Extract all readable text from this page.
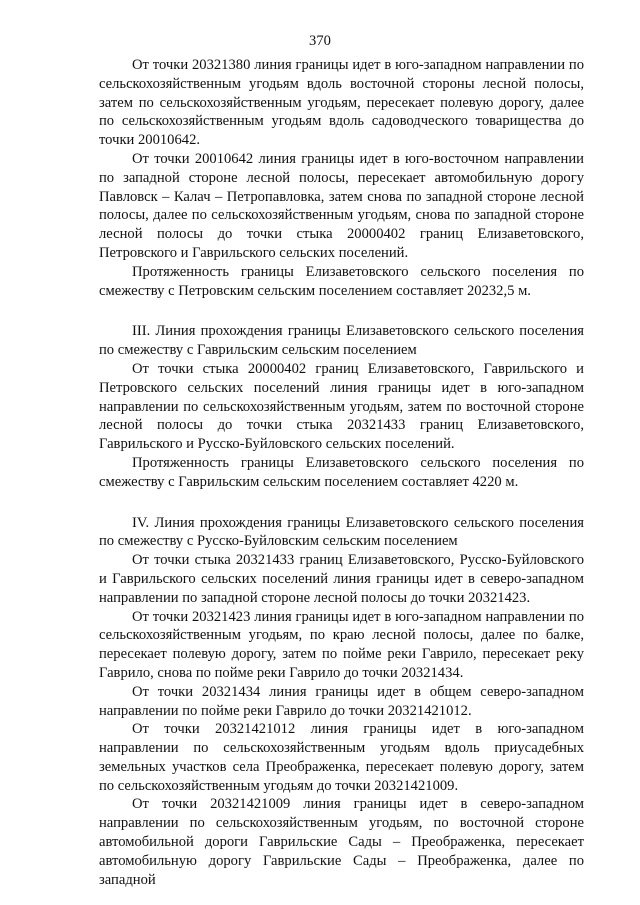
370

От точки 20321380 линия границы идет в юго-западном направлении по сельскохозяйственным угодьям вдоль восточной стороны лесной полосы, затем по сельскохозяйственным угодьям, пересекает полевую дорогу, далее по сельскохозяйственным угодьям вдоль садоводческого товарищества до точки 20010642.

От точки 20010642 линия границы идет в юго-восточном направлении по западной стороне лесной полосы, пересекает автомобильную дорогу Павловск – Калач – Петропавловка, затем снова по западной стороне лесной полосы, далее по сельскохозяйственным угодьям, снова по западной стороне лесной полосы до точки стыка 20000402 границ Елизаветовского, Петровского и Гаврильского сельских поселений.

Протяженность границы Елизаветовского сельского поселения по смежеству с Петровским сельским поселением составляет 20232,5 м.

III. Линия прохождения границы Елизаветовского сельского поселения по смежеству с Гаврильским сельским поселением

От точки стыка 20000402 границ Елизаветовского, Гаврильского и Петровского сельских поселений линия границы идет в юго-западном направлении по сельскохозяйственным угодьям, затем по восточной стороне лесной полосы до точки стыка 20321433 границ Елизаветовского, Гаврильского и Русско-Буйловского сельских поселений.

Протяженность границы Елизаветовского сельского поселения по смежеству с Гаврильским сельским поселением составляет 4220 м.

IV. Линия прохождения границы Елизаветовского сельского поселения по смежеству с Русско-Буйловским сельским поселением

От точки стыка 20321433 границ Елизаветовского, Русско-Буйловского и Гаврильского сельских поселений линия границы идет в северо-западном направлении по западной стороне лесной полосы до точки 20321423.

От точки 20321423 линия границы идет в юго-западном направлении по сельскохозяйственным угодьям, по краю лесной полосы, далее по балке, пересекает полевую дорогу, затем по пойме реки Гаврило, пересекает реку Гаврило, снова по пойме реки Гаврило до точки 20321434.

От точки 20321434 линия границы идет в общем северо-западном направлении по пойме реки Гаврило до точки 20321421012.

От точки 20321421012 линия границы идет в юго-западном направлении по сельскохозяйственным угодьям вдоль приусадебных земельных участков села Преображенка, пересекает полевую дорогу, затем по сельскохозяйственным угодьям до точки 20321421009.

От точки 20321421009 линия границы идет в северо-западном направлении по сельскохозяйственным угодьям, по восточной стороне автомобильной дороги Гаврильские Сады – Преображенка, пересекает автомобильную дорогу Гаврильские Сады – Преображенка, далее по западной
